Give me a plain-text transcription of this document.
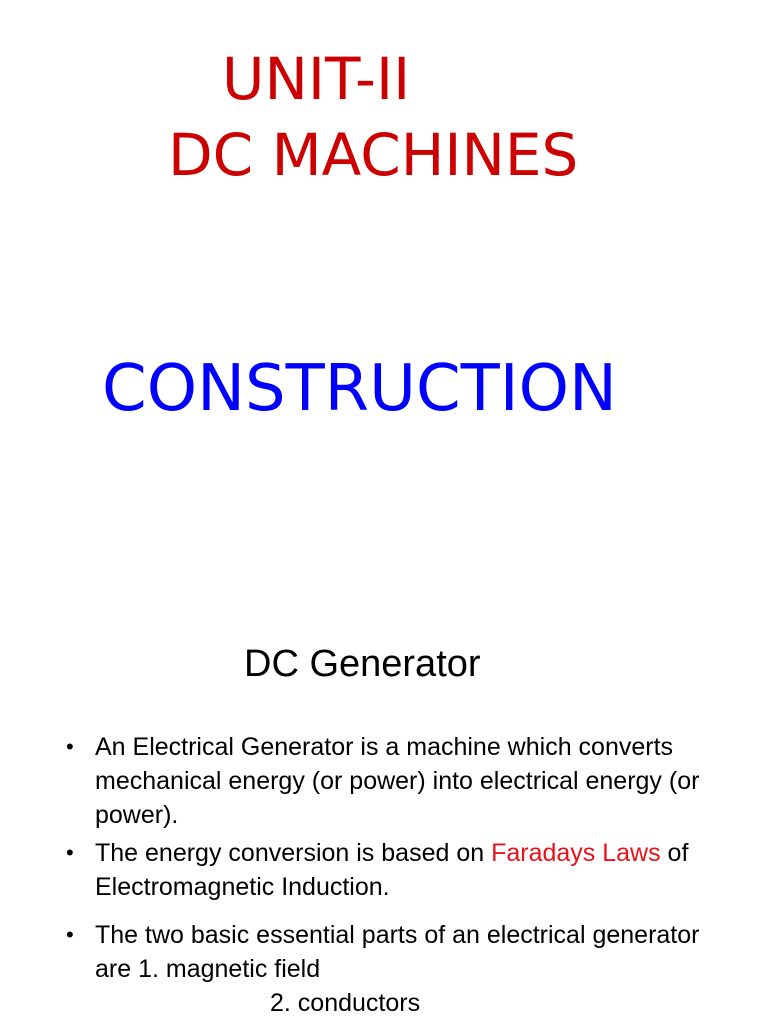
UNIT-II
DC MACHINES
CONSTRUCTION
DC Generator
• An Electrical Generator is a machine which converts mechanical energy (or power) into electrical energy (or power).
• The energy conversion is based on Faradays Laws of Electromagnetic Induction.
• The two basic essential parts of an electrical generator are 1. magnetic field
2. conductors
